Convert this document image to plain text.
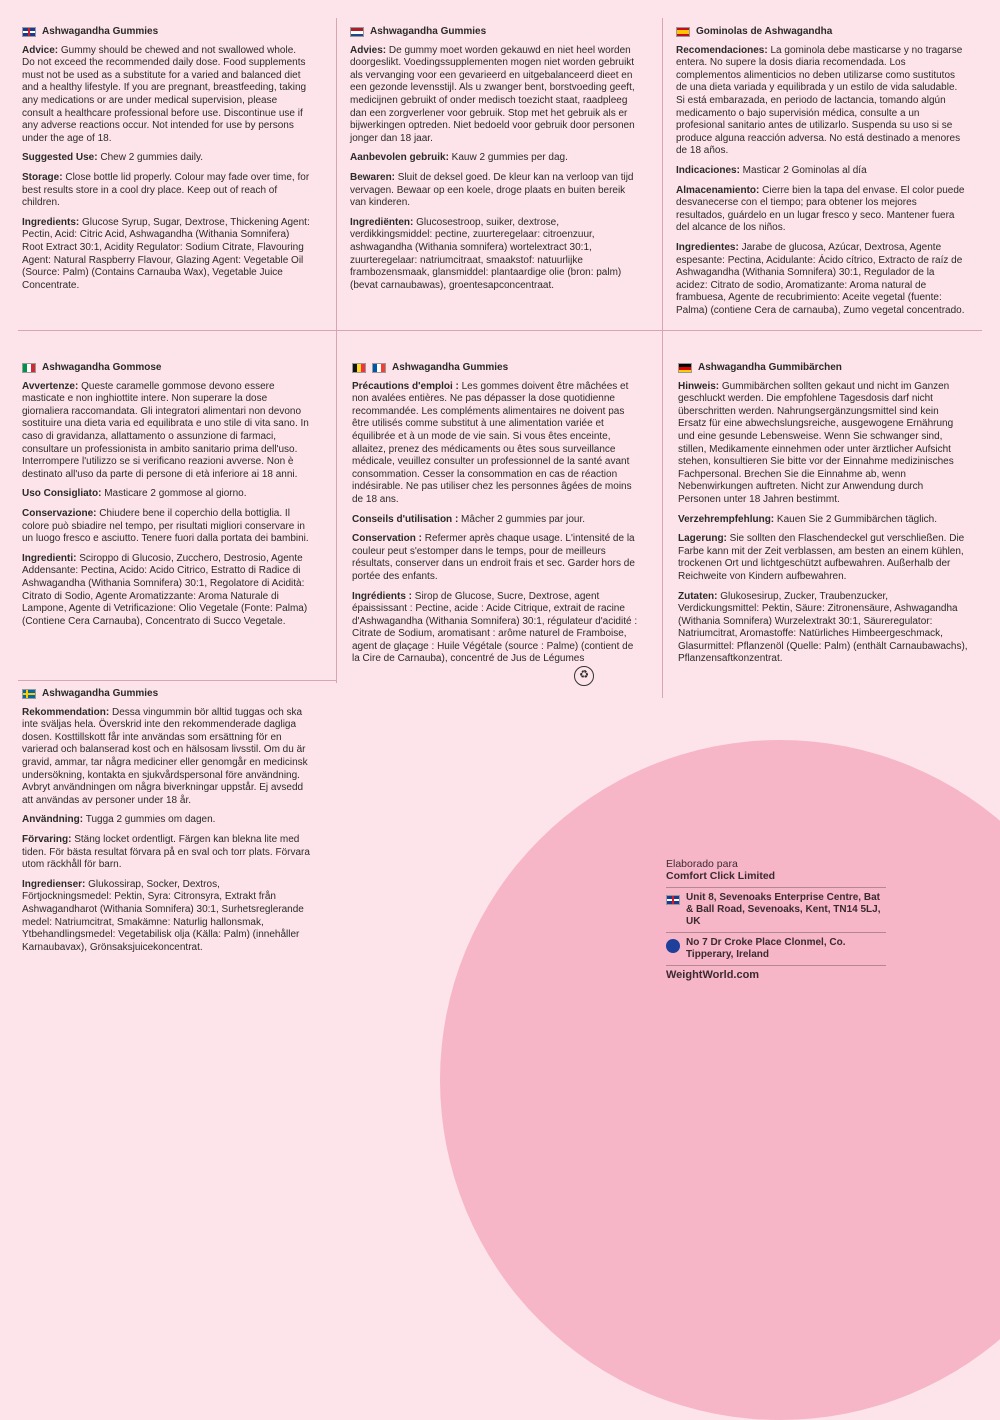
Ashwagandha Gummies

Advice: Gummy should be chewed and not swallowed whole. Do not exceed the recommended daily dose. Food supplements must not be used as a substitute for a varied and balanced diet and a healthy lifestyle. If you are pregnant, breastfeeding, taking any medications or are under medical supervision, please consult a healthcare professional before use. Discontinue use if any adverse reactions occur. Not intended for use by persons under the age of 18.

Suggested Use: Chew 2 gummies daily.

Storage: Close bottle lid properly. Colour may fade over time, for best results store in a cool dry place. Keep out of reach of children.

Ingredients: Glucose Syrup, Sugar, Dextrose, Thickening Agent: Pectin, Acid: Citric Acid, Ashwagandha (Withania Somnifera) Root Extract 30:1, Acidity Regulator: Sodium Citrate, Flavouring Agent: Natural Raspberry Flavour, Glazing Agent: Vegetable Oil (Source: Palm) (Contains Carnauba Wax), Vegetable Juice Concentrate.

Ashwagandha Gummies

Advies: De gummy moet worden gekauwd en niet heel worden doorgeslikt. Voedingssupplementen mogen niet worden gebruikt als vervanging voor een gevarieerd en uitgebalanceerd dieet en een gezonde levensstijl. Als u zwanger bent, borstvoeding geeft, medicijnen gebruikt of onder medisch toezicht staat, raadpleeg dan een zorgverlener voor gebruik. Stop met het gebruik als er bijwerkingen optreden. Niet bedoeld voor gebruik door personen jonger dan 18 jaar.

Aanbevolen gebruik: Kauw 2 gummies per dag.

Bewaren: Sluit de deksel goed. De kleur kan na verloop van tijd vervagen. Bewaar op een koele, droge plaats en buiten bereik van kinderen.

Ingrediënten: Glucosestroop, suiker, dextrose, verdikkingsmiddel: pectine, zuurteregelaar: citroenzuur, ashwagandha (Withania somnifera) wortelextract 30:1, zuurteregelaar: natriumcitraat, smaakstof: natuurlijke frambozensmaak, glansmiddel: plantaardige olie (bron: palm) (bevat carnaubawas), groentesapconcentraat.

Gominolas de Ashwagandha

Recomendaciones: La gominola debe masticarse y no tragarse entera. No supere la dosis diaria recomendada. Los complementos alimenticios no deben utilizarse como sustitutos de una dieta variada y equilibrada y un estilo de vida saludable. Si está embarazada, en periodo de lactancia, tomando algún medicamento o bajo supervisión médica, consulte a un profesional sanitario antes de utilizarlo. Suspenda su uso si se produce alguna reacción adversa. No está destinado a menores de 18 años.

Indicaciones: Masticar 2 Gominolas al día

Almacenamiento: Cierre bien la tapa del envase. El color puede desvanecerse con el tiempo; para obtener los mejores resultados, guárdelo en un lugar fresco y seco. Mantener fuera del alcance de los niños.

Ingredientes: Jarabe de glucosa, Azúcar, Dextrosa, Agente espesante: Pectina, Acidulante: Ácido cítrico, Extracto de raíz de Ashwagandha (Withania Somnifera) 30:1, Regulador de la acidez: Citrato de sodio, Aromatizante: Aroma natural de frambuesa, Agente de recubrimiento: Aceite vegetal (fuente: Palma) (contiene Cera de carnauba), Zumo vegetal concentrado.

Ashwagandha Gommose

Avvertenze: Queste caramelle gommose devono essere masticate e non inghiottite intere. Non superare la dose giornaliera raccomandata. Gli integratori alimentari non devono sostituire una dieta varia ed equilibrata e uno stile di vita sano. In caso di gravidanza, allattamento o assunzione di farmaci, consultare un professionista in ambito sanitario prima dell'uso. Interrompere l'utilizzo se si verificano reazioni avverse. Non è destinato all'uso da parte di persone di età inferiore ai 18 anni.

Uso Consigliato: Masticare 2 gommose al giorno.

Conservazione: Chiudere bene il coperchio della bottiglia. Il colore può sbiadire nel tempo, per risultati migliori conservare in un luogo fresco e asciutto. Tenere fuori dalla portata dei bambini.

Ingredienti: Sciroppo di Glucosio, Zucchero, Destrosio, Agente Addensante: Pectina, Acido: Acido Citrico, Estratto di Radice di Ashwagandha (Withania Somnifera) 30:1, Regolatore di Acidità: Citrato di Sodio, Agente Aromatizzante: Aroma Naturale di Lampone, Agente di Vetrificazione: Olio Vegetale (Fonte: Palma) (Contiene Cera Carnauba), Concentrato di Succo Vegetale.

Ashwagandha Gummies

Précautions d'emploi : Les gommes doivent être mâchées et non avalées entières. Ne pas dépasser la dose quotidienne recommandée. Les compléments alimentaires ne doivent pas être utilisés comme substitut à une alimentation variée et équilibrée et à un mode de vie sain. Si vous êtes enceinte, allaitez, prenez des médicaments ou êtes sous surveillance médicale, veuillez consulter un professionnel de la santé avant consommation. Cesser la consommation en cas de réaction indésirable. Ne pas utiliser chez les personnes âgées de moins de 18 ans.

Conseils d'utilisation : Mâcher 2 gummies par jour.

Conservation : Refermer après chaque usage. L'intensité de la couleur peut s'estomper dans le temps, pour de meilleurs résultats, conserver dans un endroit frais et sec. Garder hors de portée des enfants.

Ingrédients : Sirop de Glucose, Sucre, Dextrose, agent épaississant : Pectine, acide : Acide Citrique, extrait de racine d'Ashwagandha (Withania Somnifera) 30:1, régulateur d'acidité : Citrate de Sodium, aromatisant : arôme naturel de Framboise, agent de glaçage : Huile Végétale (source : Palme) (contient de la Cire de Carnauba), concentré de Jus de Légumes

♻
Ashwagandha Gummibärchen

Hinweis: Gummibärchen sollten gekaut und nicht im Ganzen geschluckt werden. Die empfohlene Tagesdosis darf nicht überschritten werden. Nahrungsergänzungsmittel sind kein Ersatz für eine abwechslungsreiche, ausgewogene Ernährung und eine gesunde Lebensweise. Wenn Sie schwanger sind, stillen, Medikamente einnehmen oder unter ärztlicher Aufsicht stehen, konsultieren Sie bitte vor der Einnahme medizinisches Fachpersonal. Brechen Sie die Einnahme ab, wenn Nebenwirkungen auftreten. Nicht zur Anwendung durch Personen unter 18 Jahren bestimmt.

Verzehrempfehlung: Kauen Sie 2 Gummibärchen täglich.

Lagerung: Sie sollten den Flaschendeckel gut verschließen. Die Farbe kann mit der Zeit verblassen, am besten an einem kühlen, trockenen Ort und lichtgeschützt aufbewahren. Außerhalb der Reichweite von Kindern aufbewahren.

Zutaten: Glukosesirup, Zucker, Traubenzucker, Verdickungsmittel: Pektin, Säure: Zitronensäure, Ashwagandha (Withania Somnifera) Wurzelextrakt 30:1, Säureregulator: Natriumcitrat, Aromastoffe: Natürliches Himbeergeschmack, Glasurmittel: Pflanzenöl (Quelle: Palm) (enthält Carnaubawachs), Pflanzensaftkonzentrat.

Ashwagandha Gummies

Rekommendation: Dessa vingummin bör alltid tuggas och ska inte sväljas hela. Överskrid inte den rekommenderade dagliga dosen. Kosttillskott får inte användas som ersättning för en varierad och balanserad kost och en hälsosam livsstil. Om du är gravid, ammar, tar några mediciner eller genomgår en medicinsk undersökning, kontakta en sjukvårdspersonal före användning. Avbryt användningen om några biverkningar uppstår. Ej avsedd att användas av personer under 18 år.

Användning: Tugga 2 gummies om dagen.

Förvaring: Stäng locket ordentligt. Färgen kan blekna lite med tiden. För bästa resultat förvara på en sval och torr plats. Förvara utom räckhåll för barn.

Ingredienser: Glukossirap, Socker, Dextros, Förtjockningsmedel: Pektin, Syra: Citronsyra, Extrakt från Ashwagandharot (Withania Somnifera) 30:1, Surhetsreglerande medel: Natriumcitrat, Smakämne: Naturlig hallonsmak, Ytbehandlingsmedel: Vegetabilisk olja (Källa: Palm) (innehåller Karnaubavax), Grönsaksjuicekoncentrat.

Elaborado para
Comfort Click Limited
Unit 8, Sevenoaks Enterprise Centre, Bat & Ball Road, Sevenoaks, Kent, TN14 5LJ, UK
No 7 Dr Croke Place Clonmel, Co. Tipperary, Ireland
WeightWorld.com
